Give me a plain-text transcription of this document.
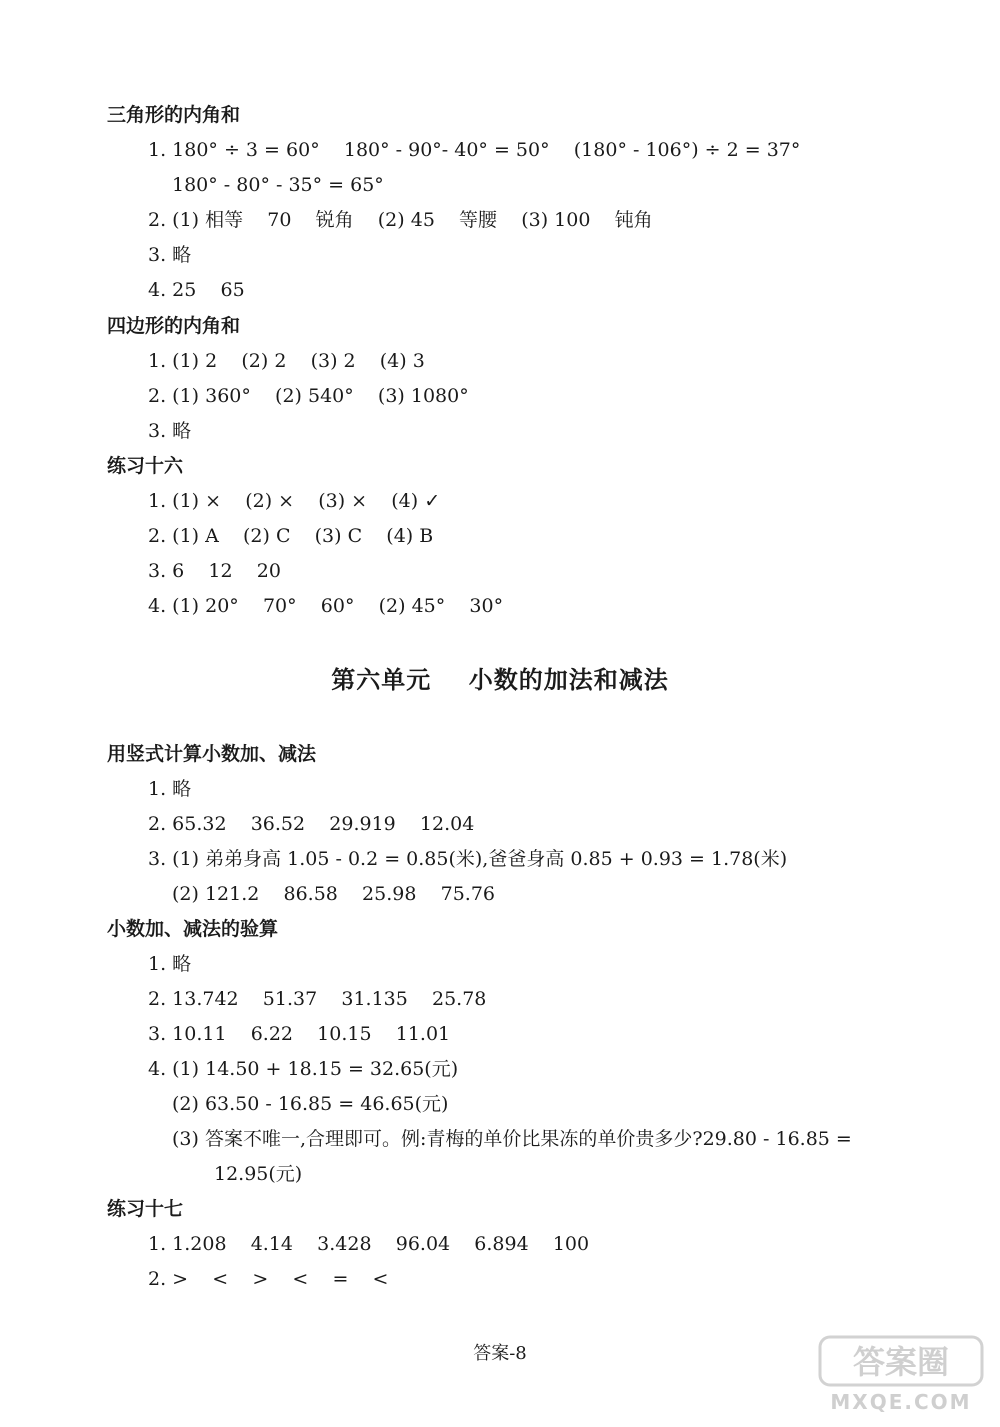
三角形的内角和
1. 180° ÷ 3 = 60°    180° - 90°- 40° = 50°    (180° - 106°) ÷ 2 = 37°
180° - 80° - 35° = 65°
2. (1) 相等    70    锐角    (2) 45    等腰    (3) 100    钝角
3. 略
4. 25    65
四边形的内角和
1. (1) 2    (2) 2    (3) 2    (4) 3
2. (1) 360°    (2) 540°    (3) 1080°
3. 略
练习十六
1. (1) ×    (2) ×    (3) ×    (4) ✓
2. (1) A    (2) C    (3) C    (4) B
3. 6    12    20
4. (1) 20°    70°    60°    (2) 45°    30°
第六单元    小数的加法和减法
用竖式计算小数加、减法
1. 略
2. 65.32    36.52    29.919    12.04
3. (1) 弟弟身高 1.05 - 0.2 = 0.85(米),爸爸身高 0.85 + 0.93 = 1.78(米)
(2) 121.2    86.58    25.98    75.76
小数加、减法的验算
1. 略
2. 13.742    51.37    31.135    25.78
3. 10.11    6.22    10.15    11.01
4. (1) 14.50 + 18.15 = 32.65(元)
(2) 63.50 - 16.85 = 46.65(元)
(3) 答案不唯一,合理即可。例:青梅的单价比果冻的单价贵多少?29.80 - 16.85 =
12.95(元)
练习十七
1. 1.208    4.14    3.428    96.04    6.894    100
2. >    <    >    <    =    <
答案-8	答案圈
MXQE.COM
